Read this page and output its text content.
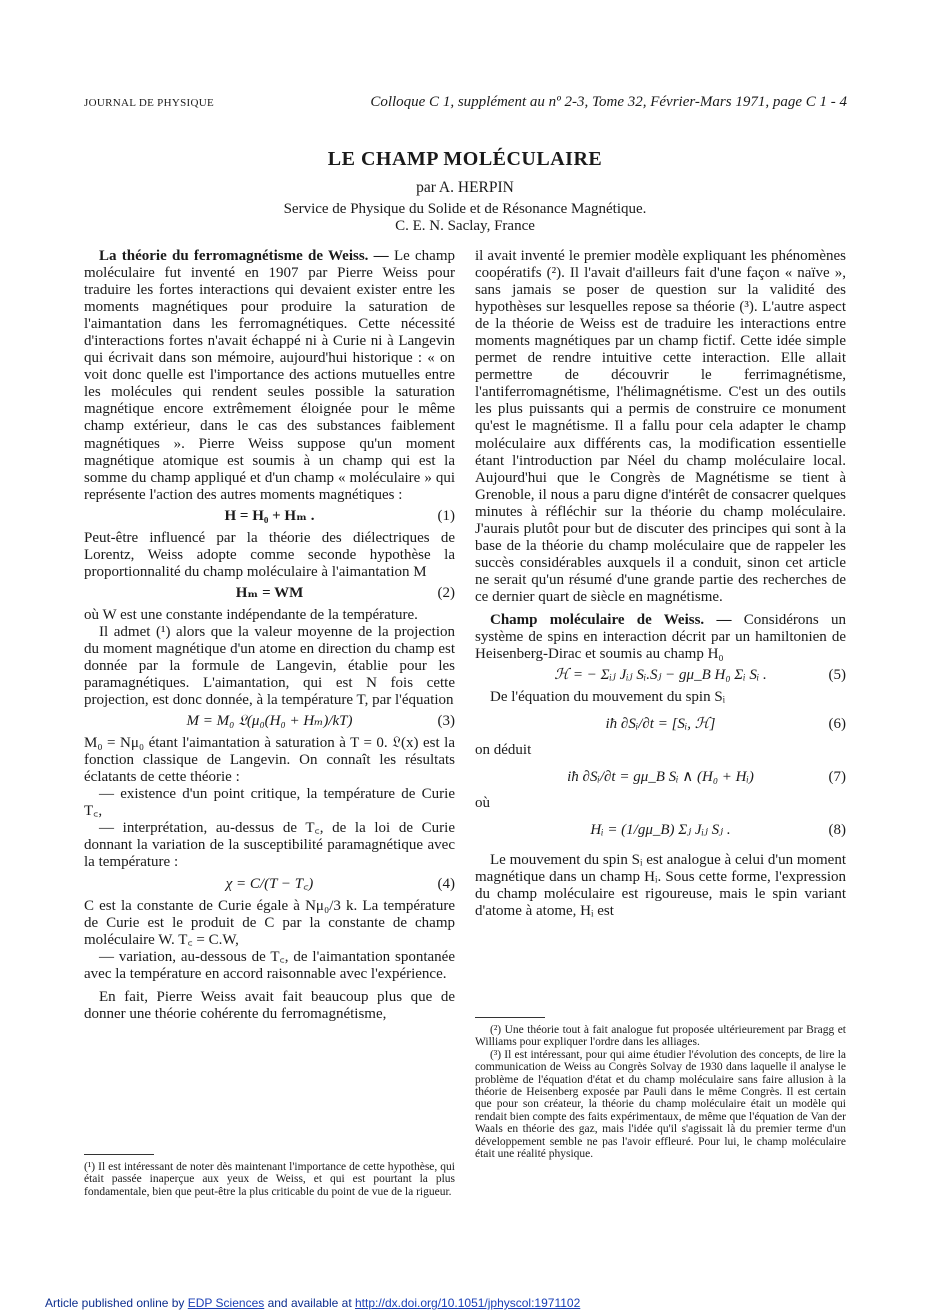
JOURNAL DE PHYSIQUE	Colloque C 1, supplément au nº 2-3, Tome 32, Février-Mars 1971, page C 1 - 4
LE CHAMP MOLÉCULAIRE
par A. HERPIN
Service de Physique du Solide et de Résonance Magnétique.
C. E. N. Saclay, France

La théorie du ferromagnétisme de Weiss. — Le champ moléculaire fut inventé en 1907 par Pierre Weiss pour traduire les fortes interactions qui devaient exister entre les moments magnétiques pour produire la saturation de l'aimantation dans les ferromagnétiques. Cette nécessité d'interactions fortes n'avait échappé ni à Curie ni à Langevin qui écrivait dans son mémoire, aujourd'hui historique : « on voit donc quelle est l'importance des actions mutuelles entre les molécules qui rendent seules possible la saturation magnétique encore extrêmement éloignée pour le même champ extérieur, dans le cas des substances faiblement magnétiques ». Pierre Weiss suppose qu'un moment magnétique atomique est soumis à un champ qui est la somme du champ appliqué et d'un champ « moléculaire » qui représente l'action des autres moments magnétiques :

H = H₀ + Hₘ .	(1)

Peut-être influencé par la théorie des diélectriques de Lorentz, Weiss adopte comme seconde hypothèse la proportionnalité du champ moléculaire à l'aimantation M

Hₘ = WM	(2)

où W est une constante indépendante de la température.

Il admet (¹) alors que la valeur moyenne de la projection du moment magnétique d'un atome en direction du champ est donnée par la formule de Langevin, établie pour les paramagnétiques. L'aimantation, qui est N fois cette projection, est donc donnée, à la température T, par l'équation

M = M₀ 𝔏(μ₀(H₀ + Hₘ)/kT)	(3)

M₀ = Nμ₀ étant l'aimantation à saturation à T = 0. 𝔏(x) est la fonction classique de Langevin. On connaît les résultats éclatants de cette théorie :

— existence d'un point critique, la température de Curie T꜀,

— interprétation, au-dessus de T꜀, de la loi de Curie donnant la variation de la susceptibilité paramagnétique avec la température :

χ = C/(T − T꜀)	(4)

C est la constante de Curie égale à Nμ₀/3 k. La température de Curie est le produit de C par la constante de champ moléculaire W. T꜀ = C.W,

— variation, au-dessous de T꜀, de l'aimantation spontanée avec la température en accord raisonnable avec l'expérience.

En fait, Pierre Weiss avait fait beaucoup plus que de donner une théorie cohérente du ferromagnétisme,

(¹) Il est intéressant de noter dès maintenant l'importance de cette hypothèse, qui était passée inaperçue aux yeux de Weiss, et qui est pourtant la plus fondamentale, bien que peut-être la plus criticable du point de vue de la rigueur.

il avait inventé le premier modèle expliquant les phénomènes coopératifs (²). Il l'avait d'ailleurs fait d'une façon « naïve », sans jamais se poser de question sur la validité des hypothèses sur lesquelles repose sa théorie (³). L'autre aspect de la théorie de Weiss est de traduire les interactions entre moments magnétiques par un champ fictif. Cette idée simple permet de rendre intuitive cette interaction. Elle allait permettre de découvrir le ferrimagnétisme, l'antiferromagnétisme, l'hélimagnétisme. C'est un des outils les plus puissants qui a permis de construire ce monument qu'est le magnétisme. Il a fallu pour cela adapter le champ moléculaire aux différents cas, la modification essentielle étant l'introduction par Néel du champ moléculaire local. Aujourd'hui que le Congrès de Magnétisme se tient à Grenoble, il nous a paru digne d'intérêt de consacrer quelques minutes à réfléchir sur la théorie du champ moléculaire. J'aurais plutôt pour but de discuter des principes qui sont à la base de la théorie du champ moléculaire que de rappeler les succès considérables auxquels il a conduit, sinon cet article ne serait qu'un résumé d'une grande partie des recherches de ce dernier quart de siècle en magnétisme.

Champ moléculaire de Weiss. — Considérons un système de spins en interaction décrit par un hamiltonien de Heisenberg-Dirac et soumis au champ H₀

ℋ = − Σᵢⱼ Jᵢⱼ Sᵢ.Sⱼ − gμ_B H₀ Σᵢ Sᵢ .	(5)

De l'équation du mouvement du spin Sᵢ

iħ ∂Sᵢ/∂t = [Sᵢ, ℋ]	(6)

on déduit

iħ ∂Sᵢ/∂t = gμ_B Sᵢ ∧ (H₀ + Hᵢ)	(7)

où

Hᵢ = (1/gμ_B) Σⱼ Jᵢⱼ Sⱼ .	(8)

Le mouvement du spin Sᵢ est analogue à celui d'un moment magnétique dans un champ Hᵢ. Sous cette forme, l'expression du champ moléculaire est rigoureuse, mais le spin variant d'atome à atome, Hᵢ est

(²) Une théorie tout à fait analogue fut proposée ultérieurement par Bragg et Williams pour expliquer l'ordre dans les alliages.
(³) Il est intéressant, pour qui aime étudier l'évolution des concepts, de lire la communication de Weiss au Congrès Solvay de 1930 dans laquelle il analyse le problème de l'équation d'état et du champ moléculaire sans faire allusion à la théorie de Heisenberg exposée par Pauli dans le même Congrès. Il est certain que pour son créateur, la théorie du champ moléculaire était un modèle qui rendait bien compte des faits expérimentaux, de même que l'équation de Van der Waals en théorie des gaz, mais l'idée qu'il s'agissait là du premier terme d'un développement semble ne pas l'avoir effleuré. Pour lui, le champ moléculaire était une réalité physique.
Article published online by EDP Sciences and available at http://dx.doi.org/10.1051/jphyscol:1971102
